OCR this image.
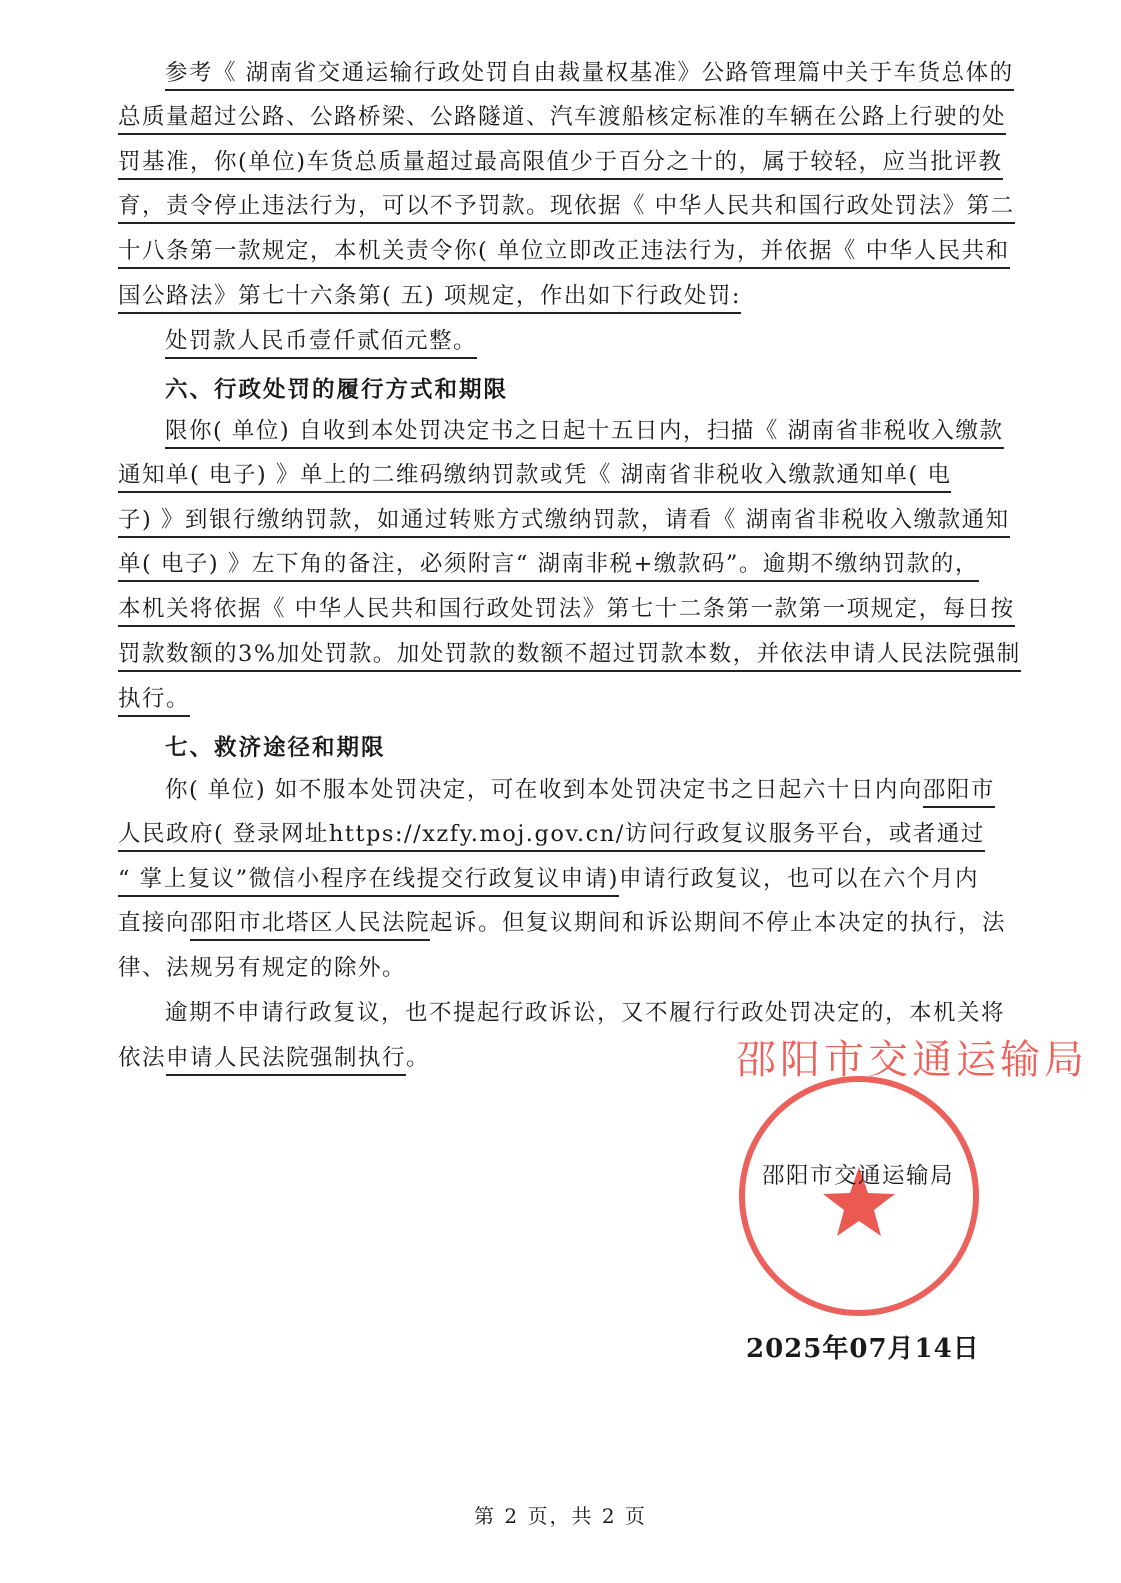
参考《 湖南省交通运输行政处罚自由裁量权基准》公路管理篇中关于车货总体的
总质量超过公路、公路桥梁、公路隧道、汽车渡船核定标准的车辆在公路上行驶的处
罚基准，你(单位)车货总质量超过最高限值少于百分之十的，属于较轻，应当批评教
育，责令停止违法行为，可以不予罚款。现依据《 中华人民共和国行政处罚法》第二
十八条第一款规定，本机关责令你( 单位立即改正违法行为，并依据《 中华人民共和
国公路法》第七十六条第( 五) 项规定，作出如下行政处罚:
处罚款人民币壹仟贰佰元整。
六、行政处罚的履行方式和期限
限你( 单位) 自收到本处罚决定书之日起十五日内，扫描《 湖南省非税收入缴款
通知单( 电子) 》单上的二维码缴纳罚款或凭《 湖南省非税收入缴款通知单( 电
子) 》到银行缴纳罚款，如通过转账方式缴纳罚款，请看《 湖南省非税收入缴款通知
单( 电子) 》左下角的备注，必须附言“ 湖南非税+缴款码”。逾期不缴纳罚款的，
本机关将依据《 中华人民共和国行政处罚法》第七十二条第一款第一项规定，每日按
罚款数额的3%加处罚款。加处罚款的数额不超过罚款本数，并依法申请人民法院强制
执行。
七、救济途径和期限
你( 单位) 如不服本处罚决定，可在收到本处罚决定书之日起六十日内向邵阳市
人民政府( 登录网址https://xzfy.moj.gov.cn/访问行政复议服务平台，或者通过
“ 掌上复议”微信小程序在线提交行政复议申请)申请行政复议，也可以在六个月内
直接向邵阳市北塔区人民法院起诉。但复议期间和诉讼期间不停止本决定的执行，法
律、法规另有规定的除外。
逾期不申请行政复议，也不提起行政诉讼，又不履行行政处罚决定的，本机关将
依法申请人民法院强制执行。	邵阳市交通运输局
邵阳市交通运输局
2025年07月14日
第 2 页，共 2 页
